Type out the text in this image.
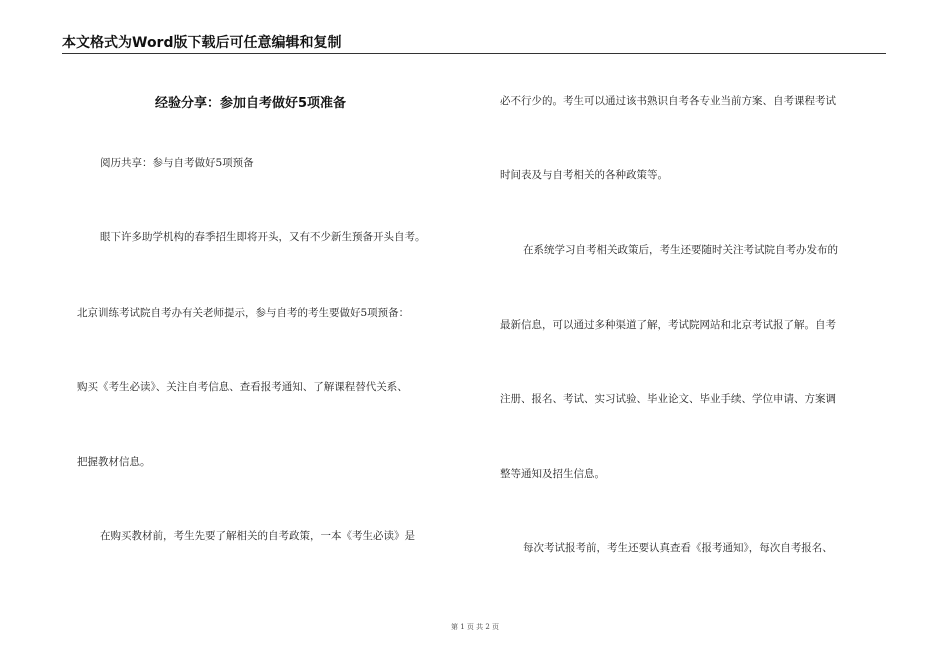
本文格式为Word版下载后可任意编辑和复制
经验分享：参加自考做好5项准备
阅历共享：参与自考做好5项预备
眼下许多助学机构的春季招生即将开头，又有不少新生预备开头自考。
北京训练考试院自考办有关老师提示，参与自考的考生要做好5项预备：
购买《考生必读》、关注自考信息、查看报考通知、了解课程替代关系、
把握教材信息。
在购买教材前，考生先要了解相关的自考政策，一本《考生必读》是
必不行少的。考生可以通过该书熟识自考各专业当前方案、自考课程考试
时间表及与自考相关的各种政策等。
在系统学习自考相关政策后，考生还要随时关注考试院自考办发布的
最新信息，可以通过多种渠道了解，考试院网站和北京考试报了解。自考
注册、报名、考试、实习试验、毕业论文、毕业手续、学位申请、方案调
整等通知及招生信息。
每次考试报考前，考生还要认真查看《报考通知》，每次自考报名、
第 1 页 共 2 页
